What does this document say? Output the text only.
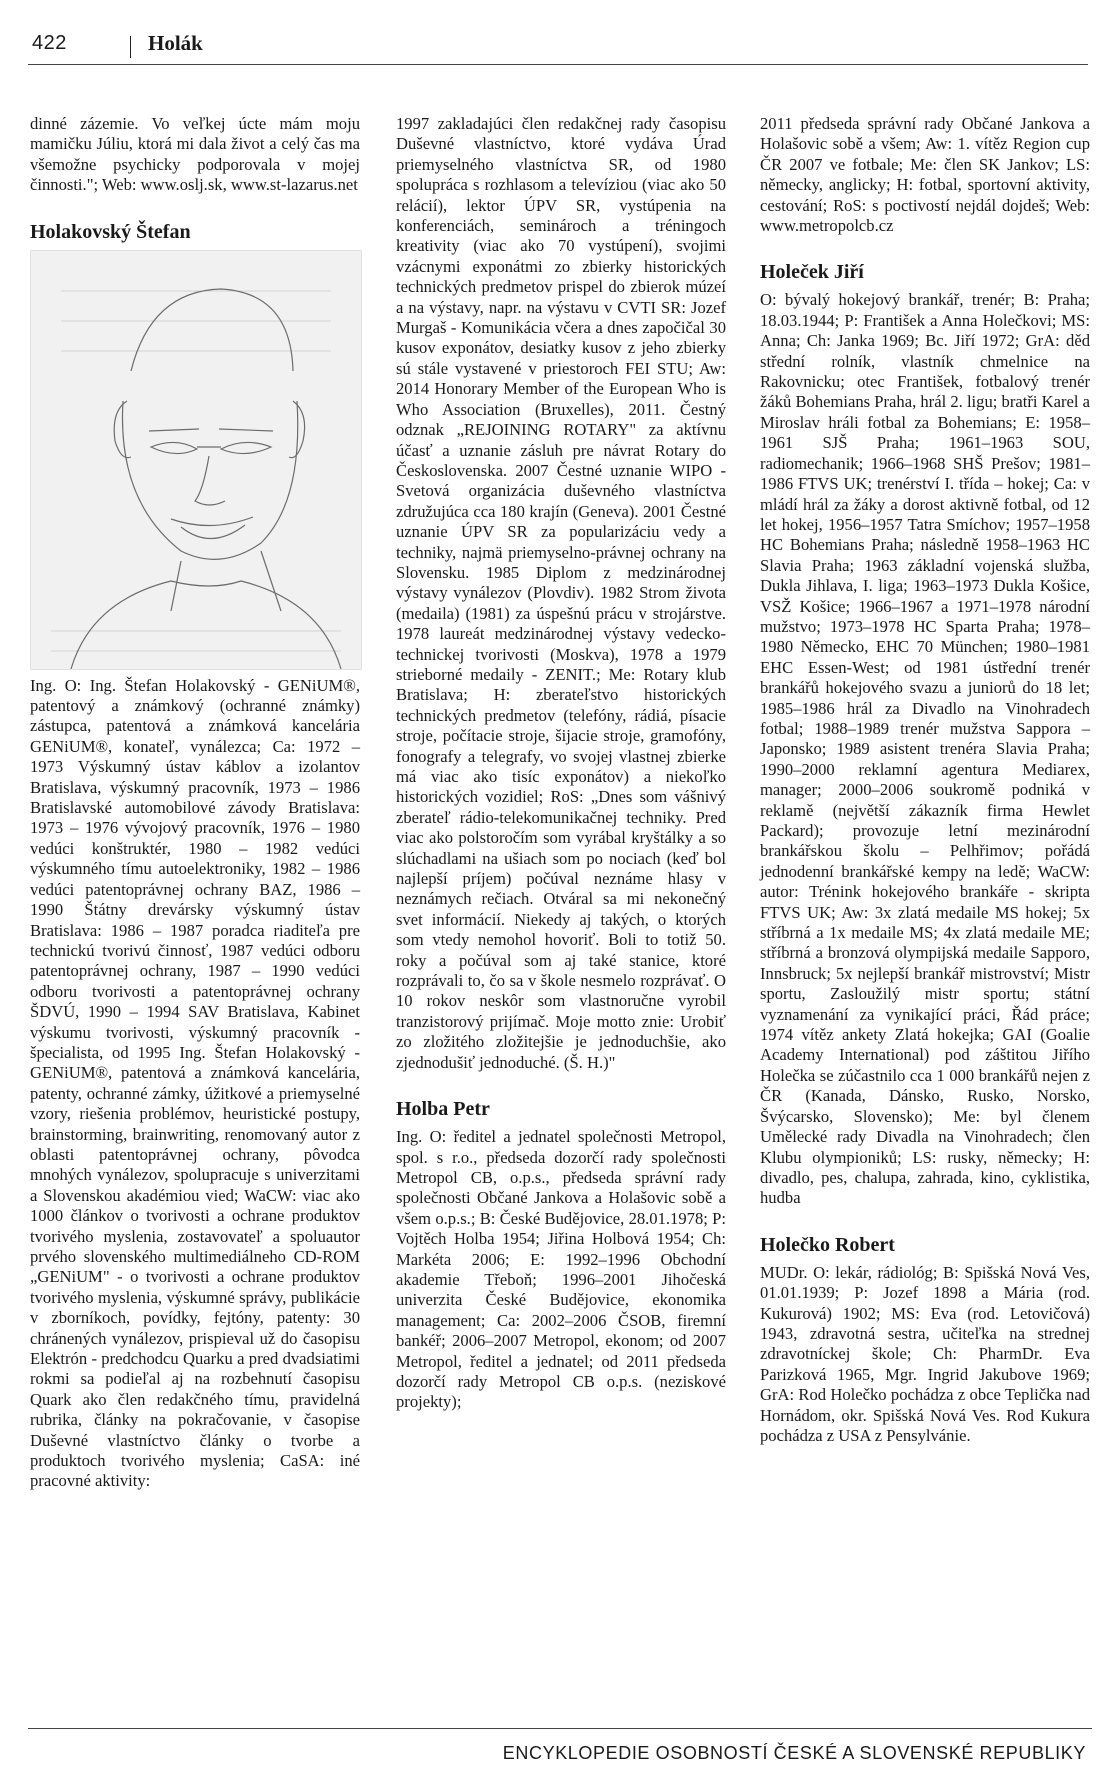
422	Holák

dinné zázemie. Vo veľkej úcte mám moju mamičku Júliu, ktorá mi dala život a celý čas ma všemožne psychicky podporovala v mojej činnosti."; Web: www.oslj.sk, www.st-lazarus.net

Holakovský Štefan

Ing. O: Ing. Štefan Holakovský - GENiUM®, patentový a známkový (ochranné známky) zástupca, patentová a známková kancelária GENiUM®, konateľ, vynálezca; Ca: 1972 – 1973 Výskumný ústav káblov a izolantov Bratislava, výskumný pracovník, 1973 – 1986 Bratislavské automobilové závody Bratislava: 1973 – 1976 vývojový pracovník, 1976 – 1980 vedúci konštruktér, 1980 – 1982 vedúci výskumného tímu autoelektroniky, 1982 – 1986 vedúci patentoprávnej ochrany BAZ, 1986 – 1990 Štátny drevársky výskumný ústav Bratislava: 1986 – 1987 poradca riaditeľa pre technickú tvorivú činnosť, 1987 vedúci odboru patentoprávnej ochrany, 1987 – 1990 vedúci odboru tvorivosti a patentoprávnej ochrany ŠDVÚ, 1990 – 1994 SAV Bratislava, Kabinet výskumu tvorivosti, výskumný pracovník - špecialista, od 1995 Ing. Štefan Holakovský - GENiUM®, patentová a známková kancelária, patenty, ochranné zámky, úžitkové a priemyselné vzory, riešenia problémov, heuristické postupy, brainstorming, brainwriting, renomovaný autor z oblasti patentoprávnej ochrany, pôvodca mnohých vynálezov, spolupracuje s univerzitami a Slovenskou akadémiou vied; WaCW: viac ako 1000 článkov o tvorivosti a ochrane produktov tvorivého myslenia, zostavovateľ a spoluautor prvého slovenského multimediálneho CD-ROM „GENiUM" - o tvorivosti a ochrane produktov tvorivého myslenia, výskumné správy, publikácie v zborníkoch, povídky, fejtóny, patenty: 30 chránených vynálezov, prispieval už do časopisu Elektrón - predchodcu Quarku a pred dvadsiatimi rokmi sa podieľal aj na rozbehnutí časopisu Quark ako člen redakčného tímu, pravidelná rubrika, články na pokračovanie, v časopise Duševné vlastníctvo články o tvorbe a produktoch tvorivého myslenia; CaSA: iné pracovné aktivity:

1997 zakladajúci člen redakčnej rady časopisu Duševné vlastníctvo, ktoré vydáva Úrad priemyselného vlastníctva SR, od 1980 spolupráca s rozhlasom a televíziou (viac ako 50 relácií), lektor ÚPV SR, vystúpenia na konferenciách, seminároch a tréningoch kreativity (viac ako 70 vystúpení), svojimi vzácnymi exponátmi zo zbierky historických technických predmetov prispel do zbierok múzeí a na výstavy, napr. na výstavu v CVTI SR: Jozef Murgaš - Komunikácia včera a dnes započičal 30 kusov exponátov, desiatky kusov z jeho zbierky sú stále vystavené v priestoroch FEI STU; Aw: 2014 Honorary Member of the European Who is Who Association (Bruxelles), 2011. Čestný odznak „REJOINING ROTARY" za aktívnu účasť a uznanie zásluh pre návrat Rotary do Československa. 2007 Čestné uznanie WIPO - Svetová organizácia duševného vlastníctva združujúca cca 180 krajín (Geneva). 2001 Čestné uznanie ÚPV SR za popularizáciu vedy a techniky, najmä priemyselno-právnej ochrany na Slovensku. 1985 Diplom z medzinárodnej výstavy vynálezov (Plovdiv). 1982 Strom života (medaila) (1981) za úspešnú prácu v strojárstve. 1978 laureát medzinárodnej výstavy vedecko-technickej tvorivosti (Moskva), 1978 a 1979 strieborné medaily - ZENIT.; Me: Rotary klub Bratislava; H: zberateľstvo historických technických predmetov (telefóny, rádiá, písacie stroje, počítacie stroje, šijacie stroje, gramofóny, fonografy a telegrafy, vo svojej vlastnej zbierke má viac ako tisíc exponátov) a niekoľko historických vozidiel; RoS: „Dnes som vášnivý zberateľ rádio-telekomunikačnej techniky. Pred viac ako polstoročím som vyrábal kryštálky a so slúchadlami na ušiach som po nociach (keď bol najlepší príjem) počúval neznáme hlasy v neznámych rečiach. Otváral sa mi nekonečný svet informácií. Niekedy aj takých, o ktorých som vtedy nemohol hovoriť. Boli to totiž 50. roky a počúval som aj také stanice, ktoré rozprávali to, čo sa v škole nesmelo rozprávať. O 10 rokov neskôr som vlastnoručne vyrobil tranzistorový prijímač. Moje motto znie: Urobiť zo zložitého zložitejšie je jednoduchšie, ako zjednodušiť jednoduché. (Š. H.)"

Holba Petr

Ing. O: ředitel a jednatel společnosti Metropol, spol. s r.o., předseda dozorčí rady společnosti Metropol CB, o.p.s., předseda správní rady společnosti Občané Jankova a Holašovic sobě a všem o.p.s.; B: České Budějovice, 28.01.1978; P: Vojtěch Holba 1954; Jiřina Holbová 1954; Ch: Markéta 2006; E: 1992–1996 Obchodní akademie Třeboň; 1996–2001 Jihočeská univerzita České Budějovice, ekonomika management; Ca: 2002–2006 ČSOB, firemní bankéř; 2006–2007 Metropol, ekonom; od 2007 Metropol, ředitel a jednatel; od 2011 předseda dozorčí rady Metropol CB o.p.s. (neziskové projekty);

2011 předseda správní rady Občané Jankova a Holašovic sobě a všem; Aw: 1. vítěz Region cup ČR 2007 ve fotbale; Me: člen SK Jankov; LS: německy, anglicky; H: fotbal, sportovní aktivity, cestování; RoS: s poctivostí nejdál dojdeš; Web: www.metropolcb.cz

Holeček Jiří

O: bývalý hokejový brankář, trenér; B: Praha; 18.03.1944; P: František a Anna Holečkovi; MS: Anna; Ch: Janka 1969; Bc. Jiří 1972; GrA: děd střední rolník, vlastník chmelnice na Rakovnicku; otec František, fotbalový trenér žáků Bohemians Praha, hrál 2. ligu; bratři Karel a Miroslav hráli fotbal za Bohemians; E: 1958–1961 SJŠ Praha; 1961–1963 SOU, radiomechanik; 1966–1968 SHŠ Prešov; 1981–1986 FTVS UK; trenérství I. třída – hokej; Ca: v mládí hrál za žáky a dorost aktivně fotbal, od 12 let hokej, 1956–1957 Tatra Smíchov; 1957–1958 HC Bohemians Praha; následně 1958–1963 HC Slavia Praha; 1963 základní vojenská služba, Dukla Jihlava, I. liga; 1963–1973 Dukla Košice, VSŽ Košice; 1966–1967 a 1971–1978 národní mužstvo; 1973–1978 HC Sparta Praha; 1978–1980 Německo, EHC 70 München; 1980–1981 EHC Essen-West; od 1981 ústřední trenér brankářů hokejového svazu a juniorů do 18 let; 1985–1986 hrál za Divadlo na Vinohradech fotbal; 1988–1989 trenér mužstva Sappora – Japonsko; 1989 asistent trenéra Slavia Praha; 1990–2000 reklamní agentura Mediarex, manager; 2000–2006 soukromě podniká v reklamě (největší zákazník firma Hewlet Packard); provozuje letní mezinárodní brankářskou školu – Pelhřimov; pořádá jednodenní brankářské kempy na ledě; WaCW: autor: Trénink hokejového brankáře - skripta FTVS UK; Aw: 3x zlatá medaile MS hokej; 5x stříbrná a 1x medaile MS; 4x zlatá medaile ME; stříbrná a bronzová olympijská medaile Sapporo, Innsbruck; 5x nejlepší brankář mistrovství; Mistr sportu, Zasloužilý mistr sportu; státní vyznamenání za vynikající práci, Řád práce; 1974 vítěz ankety Zlatá hokejka; GAI (Goalie Academy International) pod záštitou Jiřího Holečka se zúčastnilo cca 1 000 brankářů nejen z ČR (Kanada, Dánsko, Rusko, Norsko, Švýcarsko, Slovensko); Me: byl členem Umělecké rady Divadla na Vinohradech; člen Klubu olympioniků; LS: rusky, německy; H: divadlo, pes, chalupa, zahrada, kino, cyklistika, hudba

Holečko Robert

MUDr. O: lekár, rádiológ; B: Spišská Nová Ves, 01.01.1939; P: Jozef 1898 a Mária (rod. Kukurová) 1902; MS: Eva (rod. Letovičová) 1943, zdravotná sestra, učiteľka na strednej zdravotníckej škole; Ch: PharmDr. Eva Parizková 1965, Mgr. Ingrid Jakubove 1969; GrA: Rod Holečko pochádza z obce Teplička nad Hornádom, okr. Spišská Nová Ves. Rod Kukura pochádza z USA z Pensylvánie.

ENCYKLOPEDIE OSOBNOSTÍ ČESKÉ A SLOVENSKÉ REPUBLIKY
